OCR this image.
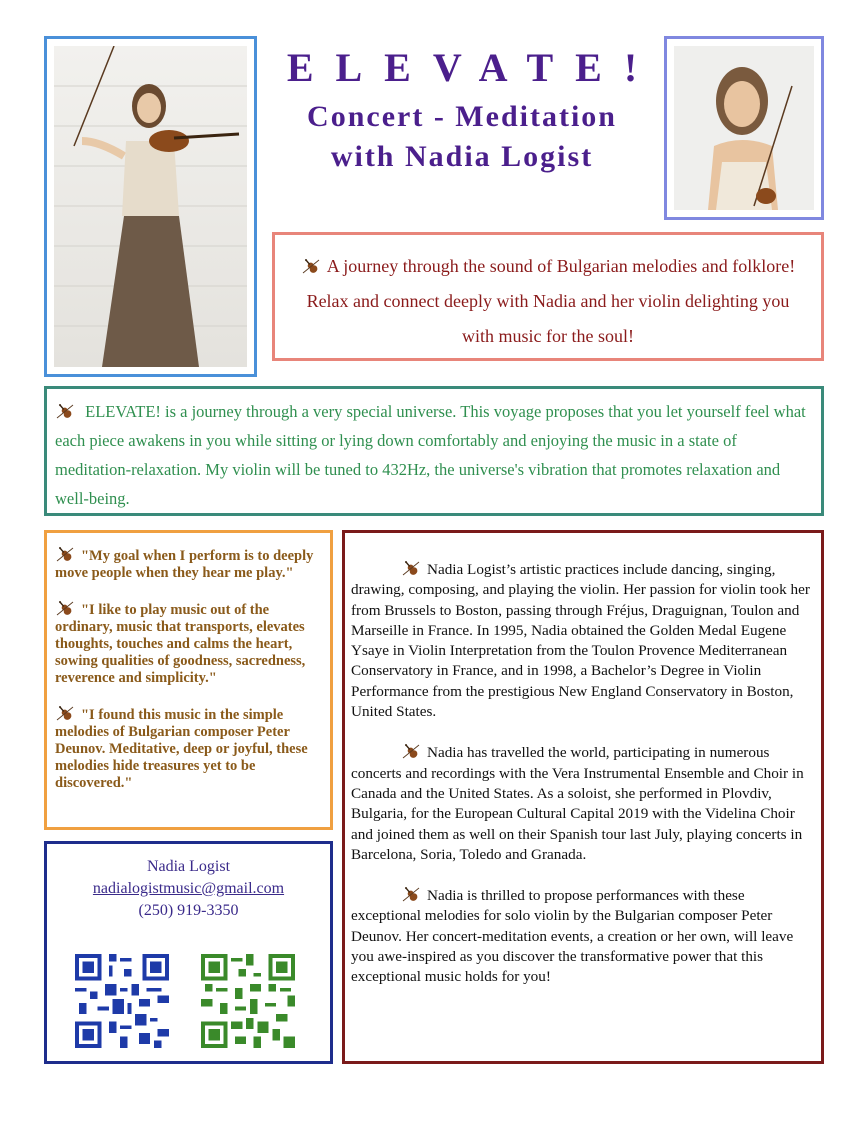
ELEVATE!
Concert - Meditation
with Nadia Logist
A journey through the sound of Bulgarian melodies and folklore! Relax and connect deeply with Nadia and her violin delighting you with music for the soul!
ELEVATE! is a journey through a very special universe. This voyage proposes that you let yourself feel what each piece awakens in you while sitting or lying down comfortably and enjoying the music in a state of meditation-relaxation. My violin will be tuned to 432Hz, the universe's vibration that promotes relaxation and well-being.

"My goal when I perform is to deeply move people when they hear me play."

"I like to play music out of the ordinary, music that transports, elevates thoughts, touches and calms the heart, sowing qualities of goodness, sacredness, reverence and simplicity."

"I found this music in the simple melodies of Bulgarian composer Peter Deunov. Meditative, deep or joyful, these melodies hide treasures yet to be discovered."

Nadia Logist
nadialogistmusic@gmail.com
(250) 919-3350

Nadia Logist’s artistic practices include dancing, singing, drawing, composing, and playing the violin. Her passion for violin took her from Brussels to Boston, passing through Fréjus, Draguignan, Toulon and Marseille in France. In 1995, Nadia obtained the Golden Medal Eugene Ysaye in Violin Interpretation from the Toulon Provence Mediterranean Conservatory in France, and in 1998, a Bachelor’s Degree in Violin Performance from the prestigious New England Conservatory in Boston, United States.

Nadia has travelled the world, participating in numerous concerts and recordings with the Vera Instrumental Ensemble and Choir in Canada and the United States. As a soloist, she performed in Plovdiv, Bulgaria, for the European Cultural Capital 2019 with the Videlina Choir and joined them as well on their Spanish tour last July, playing concerts in Barcelona, Soria, Toledo and Granada.

Nadia is thrilled to propose performances with these exceptional melodies for solo violin by the Bulgarian composer Peter Deunov. Her concert-meditation events, a creation or her own, will leave you awe-inspired as you discover the transformative power that this exceptional music holds for you!
